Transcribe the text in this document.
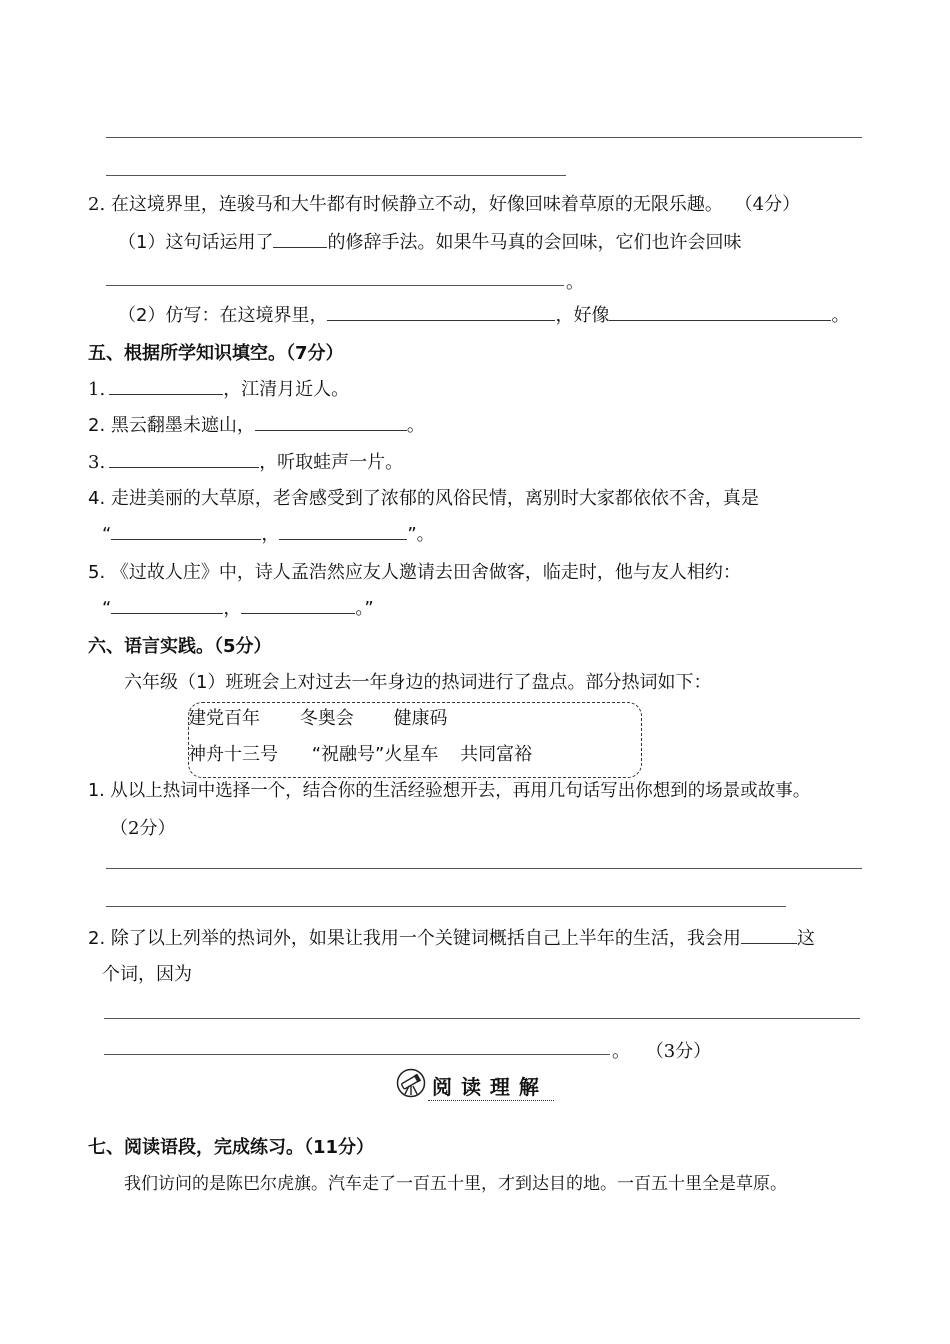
2. 在这境界里，连骏马和大牛都有时候静立不动，好像回味着草原的无限乐趣。 （4分）
（1）这句话运用了	的修辞手法。如果牛马真的会回味，它们也许会回味
。
（2）仿写：在这境界里，	，好像	。
五、根据所学知识填空。（7分）
1.	，江清月近人。
2. 黑云翻墨未遮山，	。
3.	，听取蛙声一片。
4. 走进美丽的大草原，老舍感受到了浓郁的风俗民情，离别时大家都依依不舍，真是
“	，	”。
5. 《过故人庄》中，诗人孟浩然应友人邀请去田舍做客，临走时，他与友人相约：
“	，	。”
六、语言实践。（5分）
六年级（1）班班会上对过去一年身边的热词进行了盘点。部分热词如下：
建党百年 冬奥会 健康码
神舟十三号 “祝融号”火星车 共同富裕
1. 从以上热词中选择一个，结合你的生活经验想开去，再用几句话写出你想到的场景或故事。
（2分）
2. 除了以上列举的热词外，如果让我用一个关键词概括自己上半年的生活，我会用	这
个词，因为
。 （3分）
阅 读 理 解
七、阅读语段，完成练习。（11分）
我们访问的是陈巴尔虎旗。汽车走了一百五十里，才到达目的地。一百五十里全是草原。
